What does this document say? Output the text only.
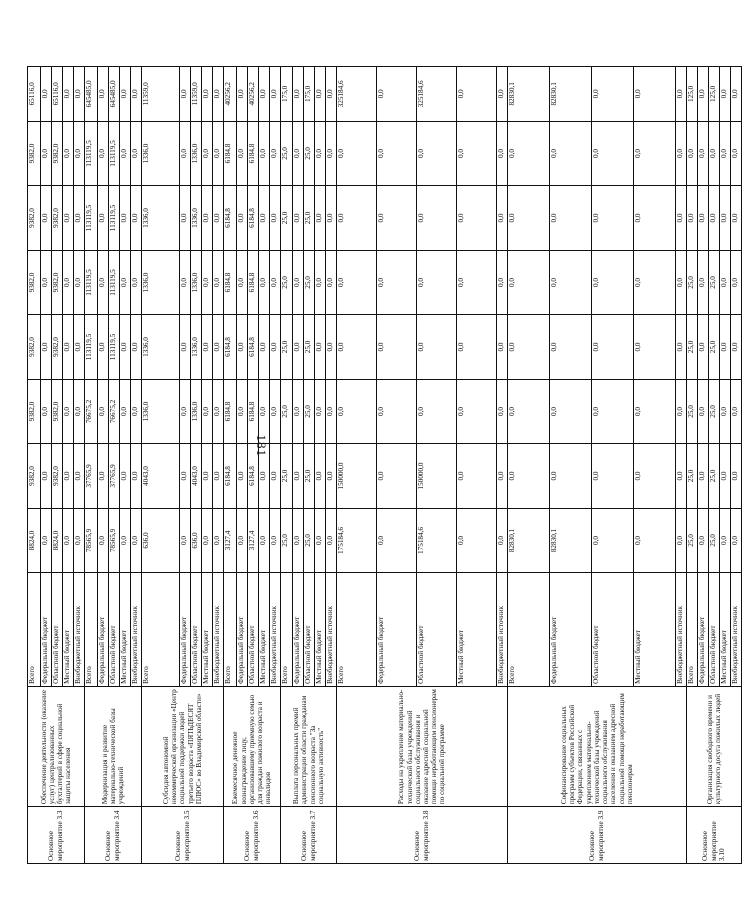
181
Основное мероприятие 3.3	Обеспечение деятельности (оказание услуг) централизованных бухгалтерий в сфере социальной защиты населения	Всего	8824,0	9382,0	9382,0	9382,0	9382,0	9382,0	9382,0	65116,0
		Федеральный бюджет	0,0	0,0	0,0	0,0	0,0	0,0	0,0	0,0
		Областной бюджет	8824,0	9382,0	9382,0	9382,0	9382,0	9382,0	9382,0	65116,0
		Местный бюджет	0,0	0,0	0,0	0,0	0,0	0,0	0,0	0,0
		Внебюджетный источник	0,0	0,0	0,0	0,0	0,0	0,0	0,0	0,0
Основное мероприятие 3.4	Модернизация и развитие материально-технической базы учреждений	Всего	78565,9	37765,9	76675,2	113119,5	113119,5	113119,5	113119,5	645485,0
		Федеральный бюджет	0,0	0,0	0,0	0,0	0,0	0,0	0,0	0,0
		Областной бюджет	78565,9	37765,9	76675,2	113119,5	113119,5	113119,5	113119,5	645485,0
		Местный бюджет	0,0	0,0	0,0	0,0	0,0	0,0	0,0	0,0
		Внебюджетный источник	0,0	0,0	0,0	0,0	0,0	0,0	0,0	0,0
Основное мероприятие 3.5	Субсидия автономной некоммерческой организации «Центр социальной поддержки людей третьего возраста «ПЯТЬДЕСЯТ ПЛЮС» во Владимирской области»	Всего	636,0	4043,0	1336,0	1336,0	1336,0	1336,0	1336,0	11359,0
		Федеральный бюджет	0,0	0,0	0,0	0,0	0,0	0,0	0,0	0,0
		Областной бюджет	636,0	4043,0	1336,0	1336,0	1336,0	1336,0	1336,0	11359,0
		Местный бюджет	0,0	0,0	0,0	0,0	0,0	0,0	0,0	0,0
		Внебюджетный источник	0,0	0,0	0,0	0,0	0,0	0,0	0,0	0,0
Основное мероприятие 3.6	Ежемесячное денежное вознаграждение лицу, организовавшему приемную семью для граждан пожилого возраста и инвалидов	Всего	3127,4	6184,8	6184,8	6184,8	6184,8	6184,8	6184,8	40256,2
		Федеральный бюджет	0,0	0,0	0,0	0,0	0,0	0,0	0,0	0,0
		Областной бюджет	3127,4	6184,8	6184,8	6184,8	6184,8	6184,8	6184,8	40256,2
		Местный бюджет	0,0	0,0	0,0	0,0	0,0	0,0	0,0	0,0
		Внебюджетный источник	0,0	0,0	0,0	0,0	0,0	0,0	0,0	0,0
Основное мероприятие 3.7	Выплата персональных премий администрации области гражданам пенсионного возраста "За социальную активность"	Всего	25,0	25,0	25,0	25,0	25,0	25,0	25,0	175,0
		Федеральный бюджет	0,0	0,0	0,0	0,0	0,0	0,0	0,0	0,0
		Областной бюджет	25,0	25,0	25,0	25,0	25,0	25,0	25,0	175,0
		Местный бюджет	0,0	0,0	0,0	0,0	0,0	0,0	0,0	0,0
		Внебюджетный источник	0,0	0,0	0,0	0,0	0,0	0,0	0,0	0,0
Основное мероприятие 3.8	Расходы на укрепление материально-технической базы учреждений социального обслуживания и оказание адресной социальной помощи неработающим пенсионерам по социальной программе	Всего	175184,6	150000,0	0,0	0,0	0,0	0,0	0,0	325184,6
		Федеральный бюджет	0,0	0,0	0,0	0,0	0,0	0,0	0,0	0,0
		Областной бюджет	175184,6	150000,0	0,0	0,0	0,0	0,0	0,0	325184,6
		Местный бюджет	0,0	0,0	0,0	0,0	0,0	0,0	0,0	0,0
		Внебюджетный источник	0,0	0,0	0,0	0,0	0,0	0,0	0,0	0,0
Основное мероприятие 3.9	Софинансирование социальных программ субъектов Российской Федерации, связанных с укреплением материально-технической базы учреждений социального обслуживания населения и оказанием адресной социальной помощи неработающим пенсионерам	Всего	82830,1	0,0	0,0	0,0	0,0	0,0	0,0	82830,1
		Федеральный бюджет	82830,1	0,0	0,0	0,0	0,0	0,0	0,0	82830,1
		Областной бюджет	0,0	0,0	0,0	0,0	0,0	0,0	0,0	0,0
		Местный бюджет	0,0	0,0	0,0	0,0	0,0	0,0	0,0	0,0
		Внебюджетный источник	0,0	0,0	0,0	0,0	0,0	0,0	0,0	0,0
Основное мероприятие 3.10	Организация свободного времени и культурного досуга пожилых людей	Всего	25,0	25,0	25,0	25,0	25,0	0,0	0,0	125,0
		Федеральный бюджет	0,0	0,0	0,0	0,0	0,0	0,0	0,0	0,0
		Областной бюджет	25,0	25,0	25,0	25,0	25,0	0,0	0,0	125,0
		Местный бюджет	0,0	0,0	0,0	0,0	0,0	0,0	0,0	0,0
		Внебюджетный источник	0,0	0,0	0,0	0,0	0,0	0,0	0,0	0,0
